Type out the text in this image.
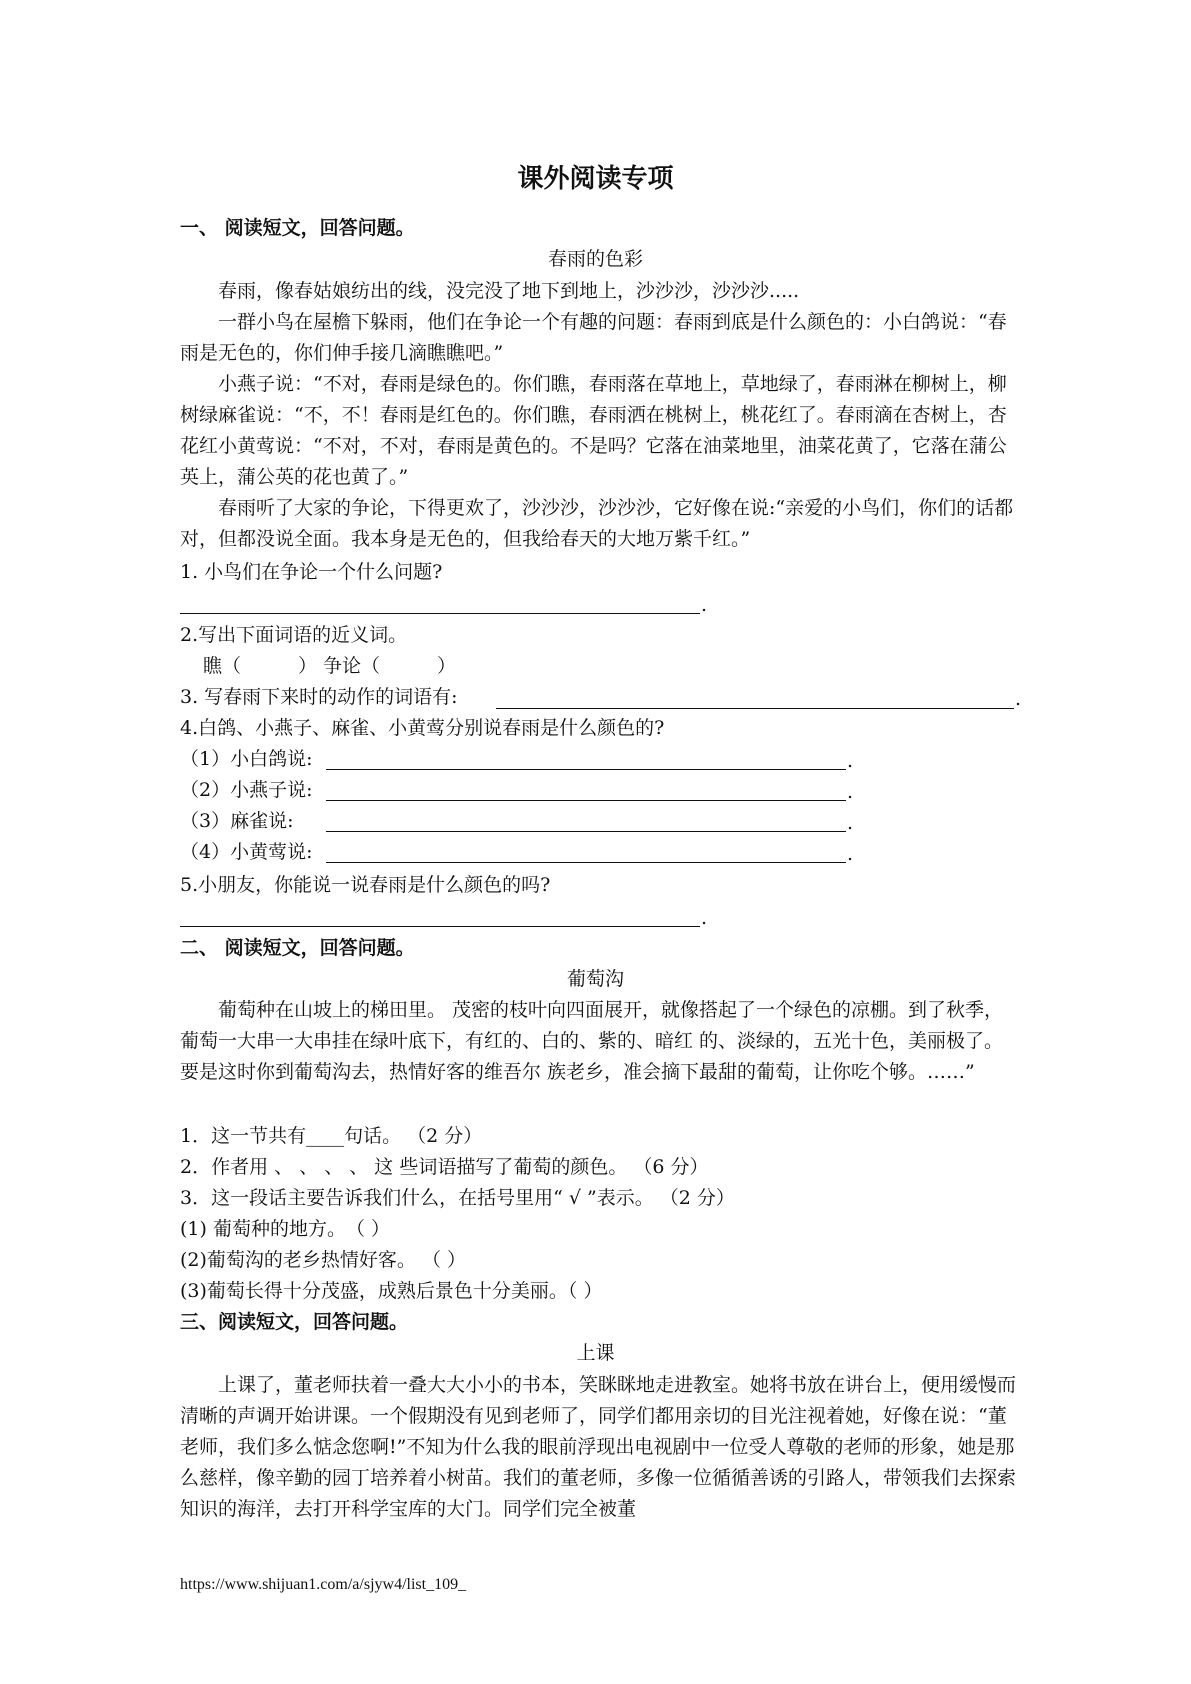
课外阅读专项
一、 阅读短文，回答问题。
春雨的色彩
春雨，像春姑娘纺出的线，没完没了地下到地上，沙沙沙，沙沙沙.....
一群小鸟在屋檐下躲雨，他们在争论一个有趣的问题：春雨到底是什么颜色的：小白鸽说：“春雨是无色的，你们伸手接几滴瞧瞧吧。”
小燕子说：“不对，春雨是绿色的。你们瞧，春雨落在草地上，草地绿了，春雨淋在柳树上，柳树绿麻雀说：“不，不！春雨是红色的。你们瞧，春雨洒在桃树上，桃花红了。春雨滴在杏树上，杏花红小黄莺说：“不对，不对，春雨是黄色的。不是吗？它落在油菜地里，油菜花黄了，它落在蒲公英上，蒲公英的花也黄了。”
春雨听了大家的争论，下得更欢了，沙沙沙，沙沙沙，它好像在说:“亲爱的小鸟们，你们的话都对，但都没说全面。我本身是无色的，但我给春天的大地万紫千红。”
1. 小鸟们在争论一个什么问题?
.
2.写出下面词语的近义词。
瞧（　　　） 争论（　　　）
3. 写春雨下来时的动作的词语有:	.
4.白鸽、小燕子、麻雀、小黄莺分别说春雨是什么颜色的?
（1）小白鸽说:	.
（2）小燕子说:	.
（3）麻雀说:	.
（4）小黄莺说:	.
5.小朋友，你能说一说春雨是什么颜色的吗?
.
二、 阅读短文，回答问题。
葡萄沟
葡萄种在山坡上的梯田里。 茂密的枝叶向四面展开，就像搭起了一个绿色的凉棚。到了秋季，葡萄一大串一大串挂在绿叶底下，有红的、白的、紫的、暗红 的、淡绿的，五光十色，美丽极了。要是这时你到葡萄沟去，热情好客的维吾尔 族老乡，准会摘下最甜的葡萄，让你吃个够。……”
1．这一节共有____句话。 （2 分）
2．作者用 、 、 、 、 这 些词语描写了葡萄的颜色。 （6 分）
3．这一段话主要告诉我们什么，在括号里用“ √ ”表示。 （2 分）
(1) 葡萄种的地方。　（ ）
(2)葡萄沟的老乡热情好客。 （ ）
(3)葡萄长得十分茂盛，成熟后景色十分美丽。（ ）
三、阅读短文，回答问题。
上课
上课了，董老师扶着一叠大大小小的书本，笑眯眯地走进教室。她将书放在讲台上，便用缓慢而清晰的声调开始讲课。一个假期没有见到老师了，同学们都用亲切的目光注视着她，好像在说：“董老师，我们多么惦念您啊!”不知为什么我的眼前浮现出电视剧中一位受人尊敬的老师的形象，她是那么慈样，像辛勤的园丁培养着小树苗。我们的董老师，多像一位循循善诱的引路人，带领我们去探索知识的海洋，去打开科学宝库的大门。同学们完全被董
https://www.shijuan1.com/a/sjyw4/list_109_
